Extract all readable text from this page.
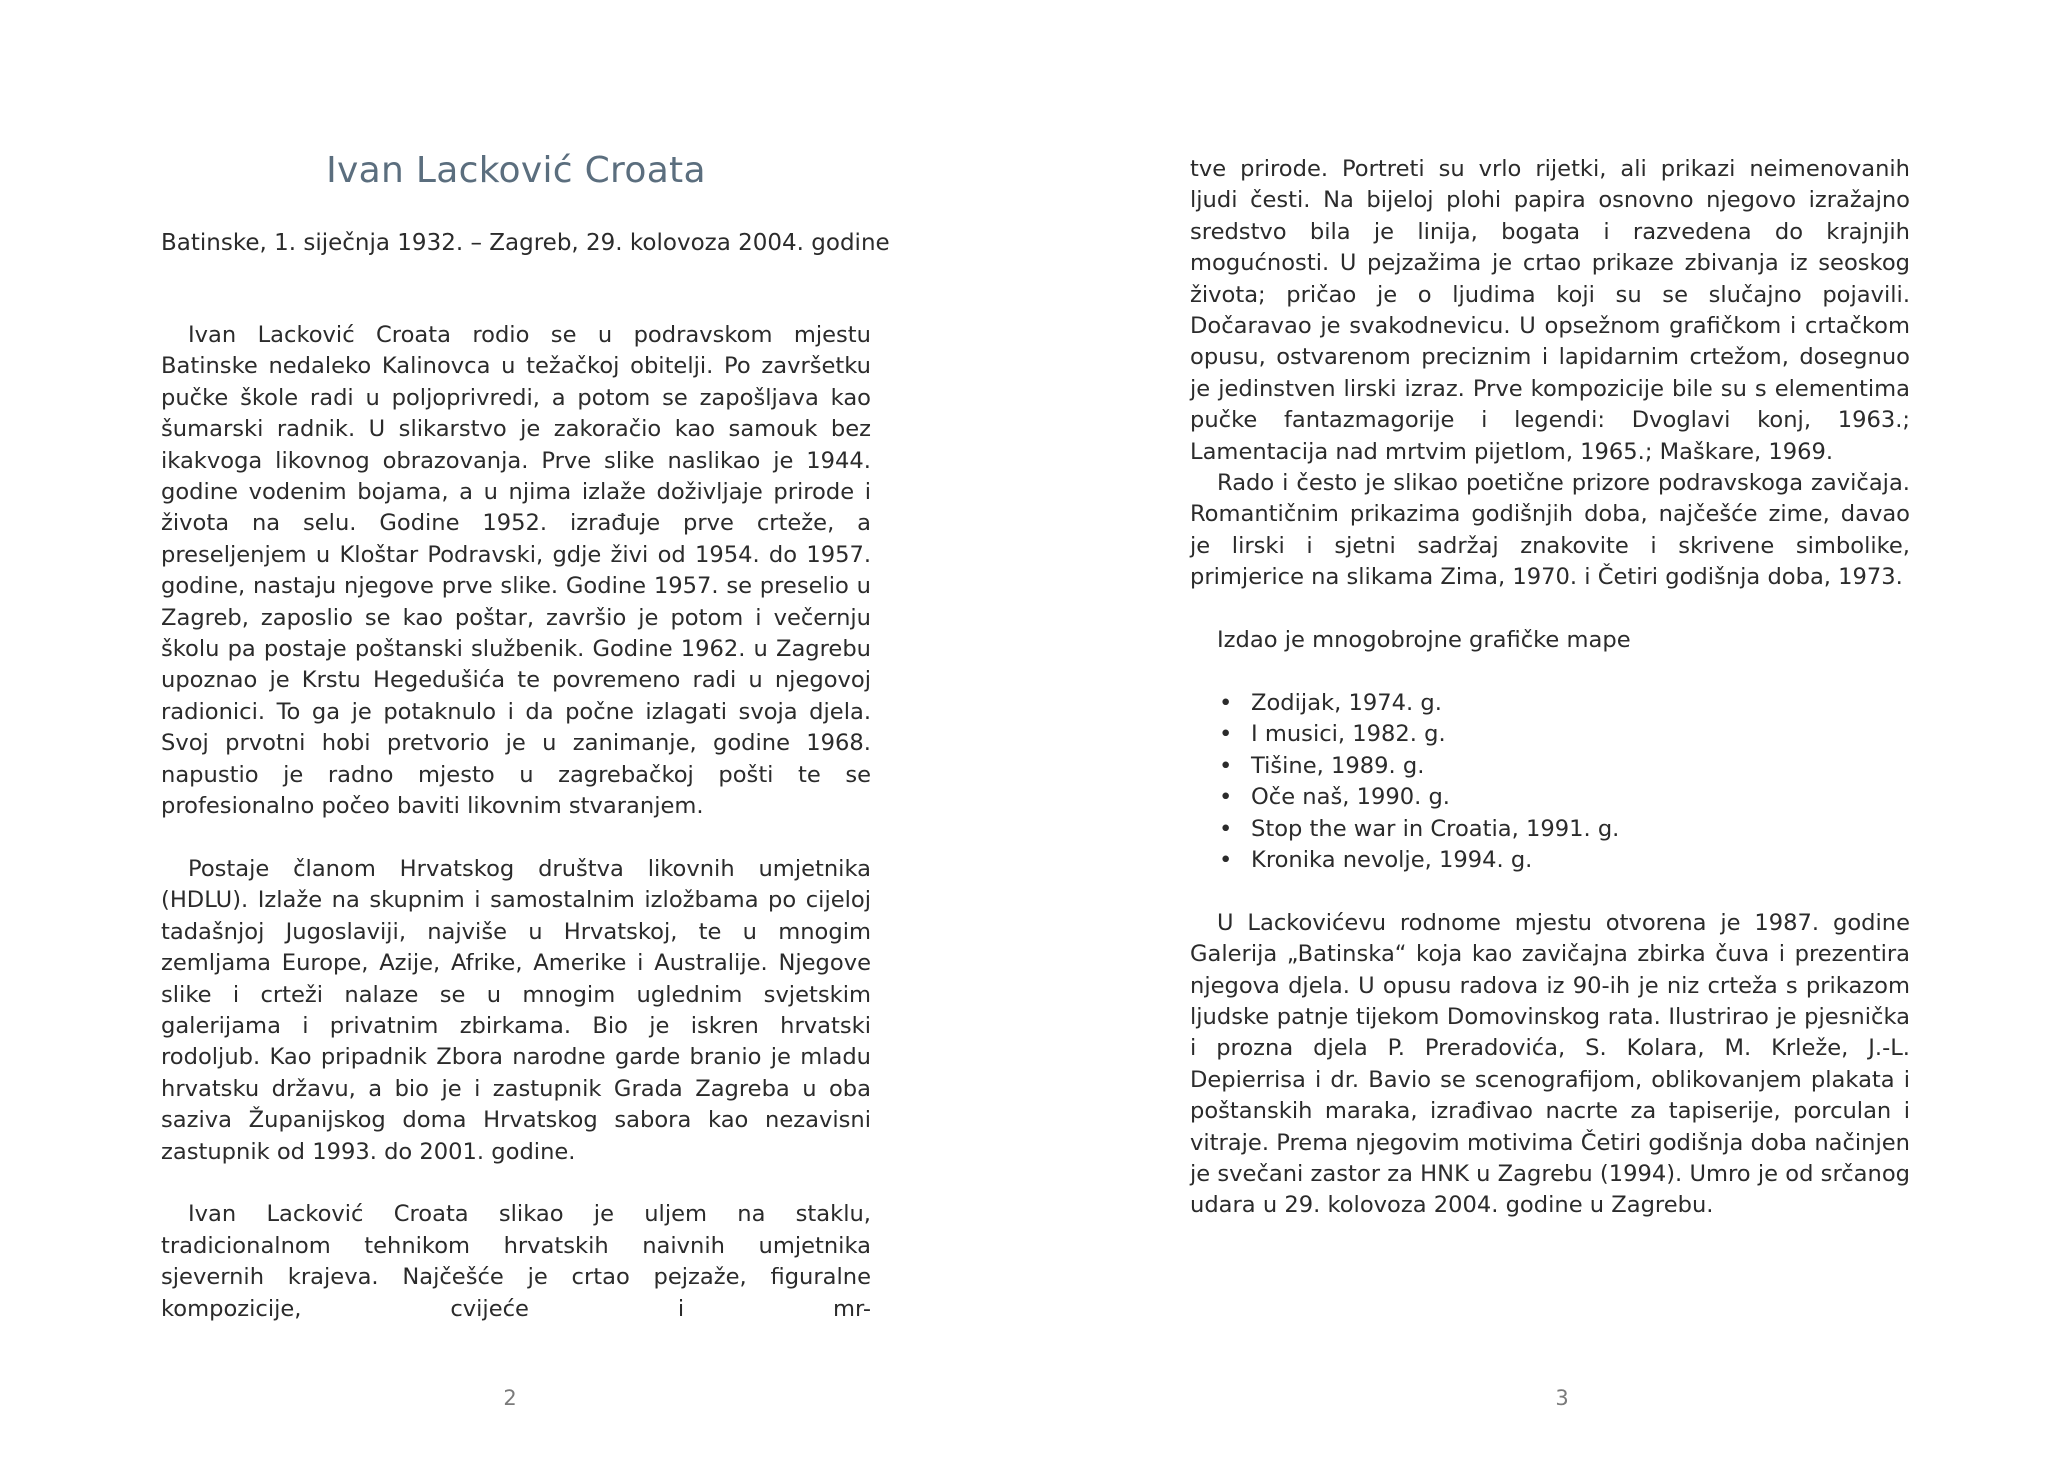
Ivan Lacković Croata

Batinske, 1. siječnja 1932. – Zagreb, 29. kolovoza 2004. godine

Ivan Lacković Croata rodio se u podravskom mjestu Batinske nedaleko Kalinovca u težačkoj obitelji. Po završetku pučke škole radi u poljoprivredi, a potom se zapošljava kao šumarski radnik. U slikarstvo je zakoračio kao samouk bez ikakvoga likovnog obrazovanja. Prve slike naslikao je 1944. godine vodenim bojama, a u njima izlaže doživljaje prirode i života na selu. Godine 1952. izrađuje prve crteže, a preseljenjem u Kloštar Podravski, gdje živi od 1954. do 1957. godine, nastaju njegove prve slike. Godine 1957. se preselio u Zagreb, zaposlio se kao poštar, završio je potom i večernju školu pa postaje poštanski službenik. Godine 1962. u Zagrebu upoznao je Krstu Hegedušića te povremeno radi u njegovoj radionici. To ga je potaknulo i da počne izlagati svoja djela. Svoj prvotni hobi pretvorio je u zanimanje, godine 1968. napustio je radno mjesto u zagrebačkoj pošti te se profesionalno počeo baviti likovnim stvaranjem.

Postaje članom Hrvatskog društva likovnih umjetnika (HDLU). Izlaže na skupnim i samostalnim izložbama po cijeloj tadašnjoj Jugoslaviji, najviše u Hrvatskoj, te u mnogim zemljama Europe, Azije, Afrike, Amerike i Australije. Njegove slike i crteži nalaze se u mnogim uglednim svjetskim galerijama i privatnim zbirkama. Bio je iskren hrvatski rodoljub. Kao pripadnik Zbora narodne garde branio je mladu hrvatsku državu, a bio je i zastupnik Grada Zagreba u oba saziva Županijskog doma Hrvatskog sabora kao nezavisni zastupnik od 1993. do 2001. godine.

Ivan Lacković Croata slikao je uljem na staklu, tradicionalnom tehnikom hrvatskih naivnih umjetnika sjevernih krajeva. Najčešće je crtao pejzaže, figuralne kompozicije, cvijeće i mr-

2

tve prirode. Portreti su vrlo rijetki, ali prikazi neimenovanih ljudi česti. Na bijeloj plohi papira osnovno njegovo izražajno sredstvo bila je linija, bogata i razvedena do krajnjih mogućnosti. U pejzažima je crtao prikaze zbivanja iz seoskog života; pričao je o ljudima koji su se slučajno pojavili. Dočaravao je svakodnevicu. U opsežnom grafičkom i crtačkom opusu, ostvarenom preciznim i lapidarnim crtežom, dosegnuo je jedinstven lirski izraz. Prve kompozicije bile su s elementima pučke fantazmagorije i legendi: Dvoglavi konj, 1963.; Lamentacija nad mrtvim pijetlom, 1965.; Maškare, 1969.

Rado i često je slikao poetične prizore podravskoga zavičaja. Romantičnim prikazima godišnjih doba, najčešće zime, davao je lirski i sjetni sadržaj znakovite i skrivene simbolike, primjerice na slikama Zima, 1970. i Četiri godišnja doba, 1973.

Izdao je mnogobrojne grafičke mape

• Zodijak, 1974. g.
• I musici, 1982. g.
• Tišine, 1989. g.
• Oče naš, 1990. g.
• Stop the war in Croatia, 1991. g.
• Kronika nevolje, 1994. g.

U Lackovićevu rodnome mjestu otvorena je 1987. godine Galerija „Batinska“ koja kao zavičajna zbirka čuva i prezentira njegova djela. U opusu radova iz 90-ih je niz crteža s prikazom ljudske patnje tijekom Domovinskog rata. Ilustrirao je pjesnička i prozna djela P. Preradovića, S. Kolara, M. Krleže, J.-L. Depierrisa i dr. Bavio se scenografijom, oblikovanjem plakata i poštanskih maraka, izrađivao nacrte za tapiserije, porculan i vitraje. Prema njegovim motivima Četiri godišnja doba načinjen je svečani zastor za HNK u Zagrebu (1994). Umro je od srčanog udara u 29. kolovoza 2004. godine u Zagrebu.

3
